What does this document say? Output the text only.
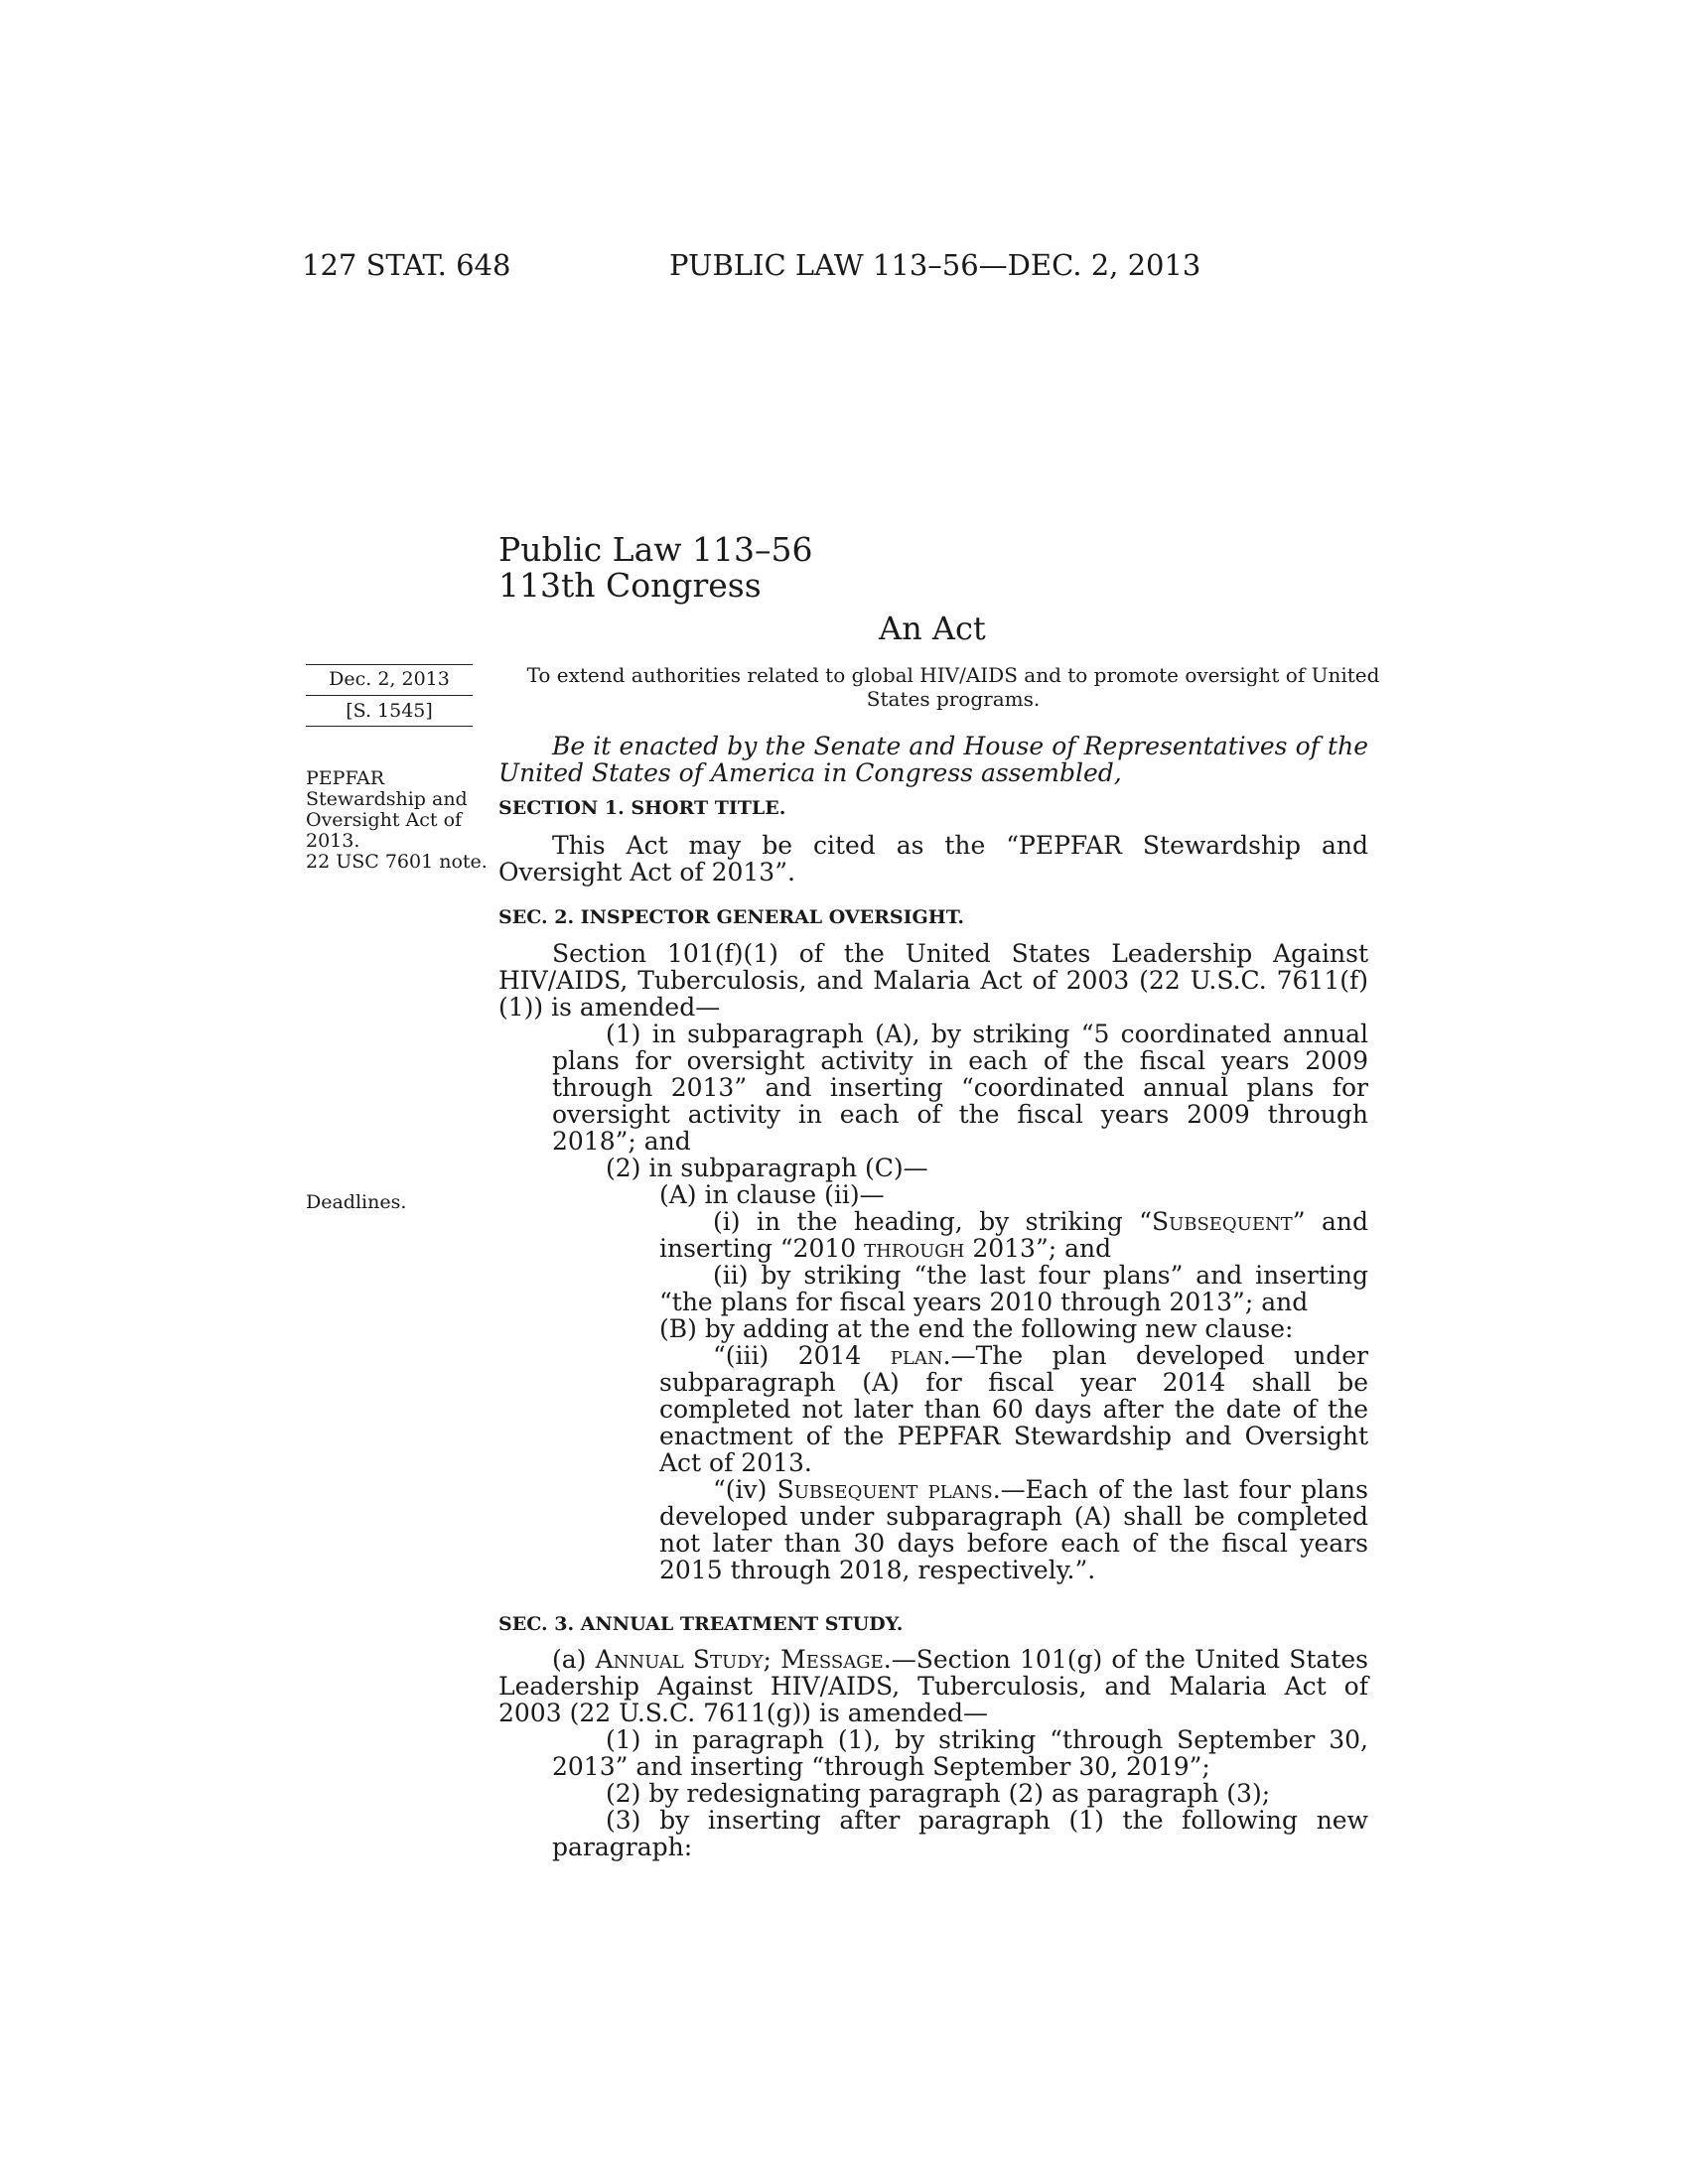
127 STAT. 648	PUBLIC LAW 113–56—DEC. 2, 2013
Public Law 113–56
113th Congress
An Act
Dec. 2, 2013
[S. 1545]
To extend authorities related to global HIV/AIDS and to promote oversight of United States programs.
PEPFAR Stewardship and Oversight Act of 2013.
22 USC 7601 note.
Deadlines.
Be it enacted by the Senate and House of Representatives of the United States of America in Congress assembled,
SECTION 1. SHORT TITLE.
This Act may be cited as the “PEPFAR Stewardship and Oversight Act of 2013”.
SEC. 2. INSPECTOR GENERAL OVERSIGHT.

Section 101(f)(1) of the United States Leadership Against HIV/AIDS, Tuberculosis, and Malaria Act of 2003 (22 U.S.C. 7611(f)(1)) is amended—

(1) in subparagraph (A), by striking “5 coordinated annual plans for oversight activity in each of the fiscal years 2009 through 2013” and inserting “coordinated annual plans for oversight activity in each of the fiscal years 2009 through 2018”; and

(2) in subparagraph (C)—

(A) in clause (ii)—

(i) in the heading, by striking “Subsequent” and inserting “2010 through 2013”; and

(ii) by striking “the last four plans” and inserting “the plans for fiscal years 2010 through 2013”; and

(B) by adding at the end the following new clause:

“(iii) 2014 plan.—The plan developed under subparagraph (A) for fiscal year 2014 shall be completed not later than 60 days after the date of the enactment of the PEPFAR Stewardship and Oversight Act of 2013.

“(iv) Subsequent plans.—Each of the last four plans developed under subparagraph (A) shall be completed not later than 30 days before each of the fiscal years 2015 through 2018, respectively.”.

SEC. 3. ANNUAL TREATMENT STUDY.

(a) Annual Study; Message.—Section 101(g) of the United States Leadership Against HIV/AIDS, Tuberculosis, and Malaria Act of 2003 (22 U.S.C. 7611(g)) is amended—

(1) in paragraph (1), by striking “through September 30, 2013” and inserting “through September 30, 2019”;

(2) by redesignating paragraph (2) as paragraph (3);

(3) by inserting after paragraph (1) the following new paragraph:
